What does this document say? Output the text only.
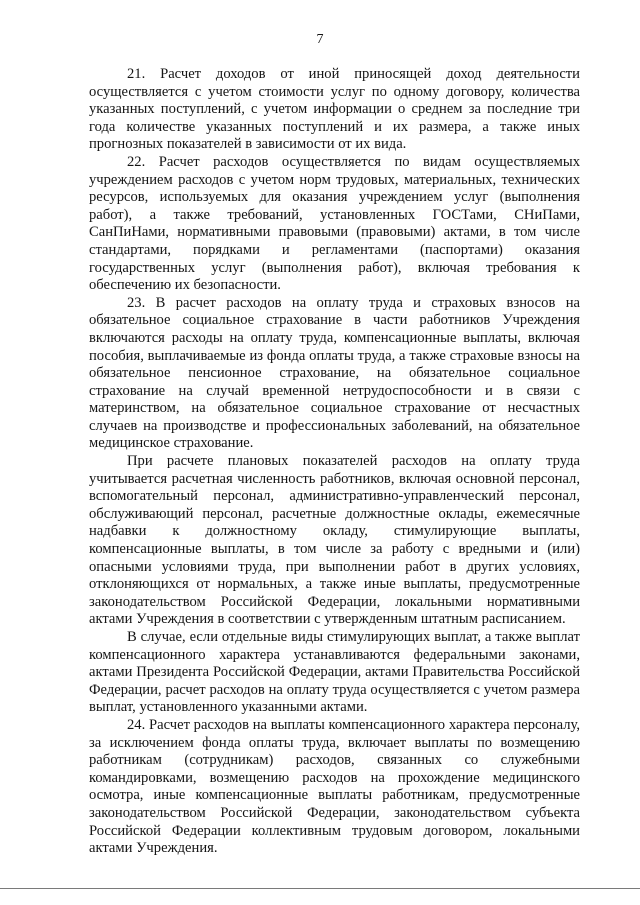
7

21. Расчет доходов от иной приносящей доход деятельности осуществляется с учетом стоимости услуг по одному договору, количества указанных поступлений, с учетом информации о среднем за последние три года количестве указанных поступлений и их размера, а также иных прогнозных показателей в зависимости от их вида.

22. Расчет расходов осуществляется по видам осуществляемых учреждением расходов с учетом норм трудовых, материальных, технических ресурсов, используемых для оказания учреждением услуг (выполнения работ), а также требований, установленных ГОСТами, СНиПами, СанПиНами, нормативными правовыми (правовыми) актами, в том числе стандартами, порядками и регламентами (паспортами) оказания государственных услуг (выполнения работ), включая требования к обеспечению их безопасности.

23. В расчет расходов на оплату труда и страховых взносов на обязательное социальное страхование в части работников Учреждения включаются расходы на оплату труда, компенсационные выплаты, включая пособия, выплачиваемые из фонда оплаты труда, а также страховые взносы на обязательное пенсионное страхование, на обязательное социальное страхование на случай временной нетрудоспособности и в связи с материнством, на обязательное социальное страхование от несчастных случаев на производстве и профессиональных заболеваний, на обязательное медицинское страхование.

При расчете плановых показателей расходов на оплату труда учитывается расчетная численность работников, включая основной персонал, вспомогательный персонал, административно-управленческий персонал, обслуживающий персонал, расчетные должностные оклады, ежемесячные надбавки к должностному окладу, стимулирующие выплаты, компенсационные выплаты, в том числе за работу с вредными и (или) опасными условиями труда, при выполнении работ в других условиях, отклоняющихся от нормальных, а также иные выплаты, предусмотренные законодательством Российской Федерации, локальными нормативными актами Учреждения в соответствии с утвержденным штатным расписанием.

В случае, если отдельные виды стимулирующих выплат, а также выплат компенсационного характера устанавливаются федеральными законами, актами Президента Российской Федерации, актами Правительства Российской Федерации, расчет расходов на оплату труда осуществляется с учетом размера выплат, установленного указанными актами.

24. Расчет расходов на выплаты компенсационного характера персоналу, за исключением фонда оплаты труда, включает выплаты по возмещению работникам (сотрудникам) расходов, связанных со служебными командировками, возмещению расходов на прохождение медицинского осмотра, иные компенсационные выплаты работникам, предусмотренные законодательством Российской Федерации, законодательством субъекта Российской Федерации коллективным трудовым договором, локальными актами Учреждения.
